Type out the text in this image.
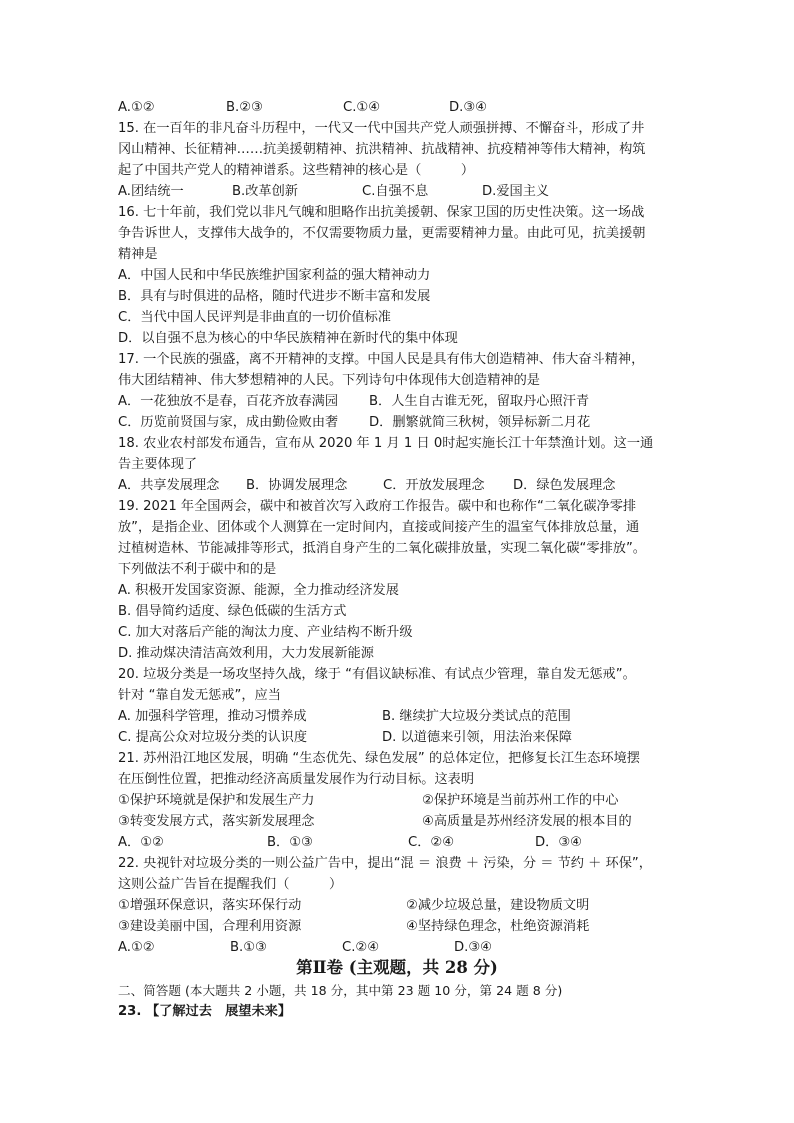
A.①②	B.②③	C.①④	D.③④
15. 在一百年的非凡奋斗历程中，一代又一代中国共产党人顽强拼搏、不懈奋斗，形成了井
冈山精神、长征精神……抗美援朝精神、抗洪精神、抗战精神、抗疫精神等伟大精神，构筑
起了中国共产党人的精神谱系。这些精神的核心是（　　　）
A.团结统一	B.改革创新	C.自强不息	D.爱国主义
16. 七十年前，我们党以非凡气魄和胆略作出抗美援朝、保家卫国的历史性决策。这一场战
争告诉世人，支撑伟大战争的，不仅需要物质力量，更需要精神力量。由此可见，抗美援朝
精神是
A．中国人民和中华民族维护国家利益的强大精神动力
B．具有与时俱进的品格，随时代进步不断丰富和发展
C．当代中国人民评判是非曲直的一切价值标准
D．以自强不息为核心的中华民族精神在新时代的集中体现
17. 一个民族的强盛，离不开精神的支撑。中国人民是具有伟大创造精神、伟大奋斗精神，
伟大团结精神、伟大梦想精神的人民。下列诗句中体现伟大创造精神的是
A．一花独放不是春，百花齐放春满园 B．人生自古谁无死，留取丹心照汗青
C．历览前贤国与家，成由勤俭败由奢 D．删繁就简三秋树，领异标新二月花
18. 农业农村部发布通告，宣布从 2020 年 1 月 1 日 0时起实施长江十年禁渔计划。这一通
告主要体现了
A．共享发展理念 B．协调发展理念	C．开放发展理念 D．绿色发展理念
19. 2021 年全国两会，碳中和被首次写入政府工作报告。碳中和也称作“二氧化碳净零排
放”，是指企业、团体或个人测算在一定时间内，直接或间接产生的温室气体排放总量，通
过植树造林、节能减排等形式，抵消自身产生的二氧化碳排放量，实现二氧化碳“零排放”。
下列做法不利于碳中和的是
A. 积极开发国家资源、能源，全力推动经济发展
B. 倡导简约适度、绿色低碳的生活方式
C. 加大对落后产能的淘汰力度、产业结构不断升级
D. 推动煤决清洁高效利用，大力发展新能源
20. 垃圾分类是一场攻坚持久战，缘于 “有倡议缺标准、有试点少管理，靠自发无惩戒”。
针对 “靠自发无惩戒”，应当
A. 加强科学管理，推动习惯养成	B. 继续扩大垃圾分类试点的范围
C. 提高公众对垃圾分类的认识度	D. 以道德来引领，用法治来保障
21. 苏州沿江地区发展，明确 “生态优先、绿色发展” 的总体定位，把修复长江生态环境摆
在压倒性位置，把推动经济高质量发展作为行动目标。这表明
①保护环境就是保护和发展生产力	②保护环境是当前苏州工作的中心
③转变发展方式，落实新发展理念	④高质量是苏州经济发展的根本目的
A．①②	B．①③	C．②④	D．③④
22. 央视针对垃圾分类的一则公益广告中，提出“混 ＝ 浪费 ＋ 污染，分 ＝ 节约 ＋ 环保”，
这则公益广告旨在提醒我们（　　　）
①增强环保意识，落实环保行动	②减少垃圾总量，建设物质文明
③建设美丽中国，合理利用资源	④坚持绿色理念，杜绝资源消耗
A.①②	B.①③	C.②④	D.③④
第Ⅱ卷 (主观题，共 28 分)
二、简答题 (本大题共 2 小题，共 18 分，其中第 23 题 10 分，第 24 题 8 分)
23. 【了解过去　展望未来】
